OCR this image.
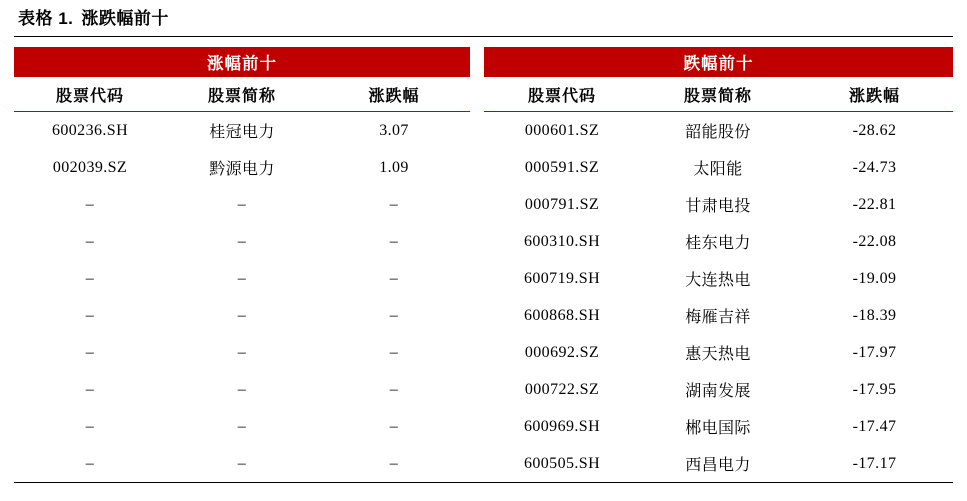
表格 1. 涨跌幅前十
涨幅前十				跌幅前十		
股票代码	股票简称	涨跌幅		股票代码	股票简称	涨跌幅
600236.SH	桂冠电力	3.07		000601.SZ	韶能股份	-28.62
002039.SZ	黔源电力	1.09		000591.SZ	太阳能	-24.73
–	–	–		000791.SZ	甘肃电投	-22.81
–	–	–		600310.SH	桂东电力	-22.08
–	–	–		600719.SH	大连热电	-19.09
–	–	–		600868.SH	梅雁吉祥	-18.39
–	–	–		000692.SZ	惠天热电	-17.97
–	–	–		000722.SZ	湖南发展	-17.95
–	–	–		600969.SH	郴电国际	-17.47
–	–	–		600505.SH	西昌电力	-17.17
